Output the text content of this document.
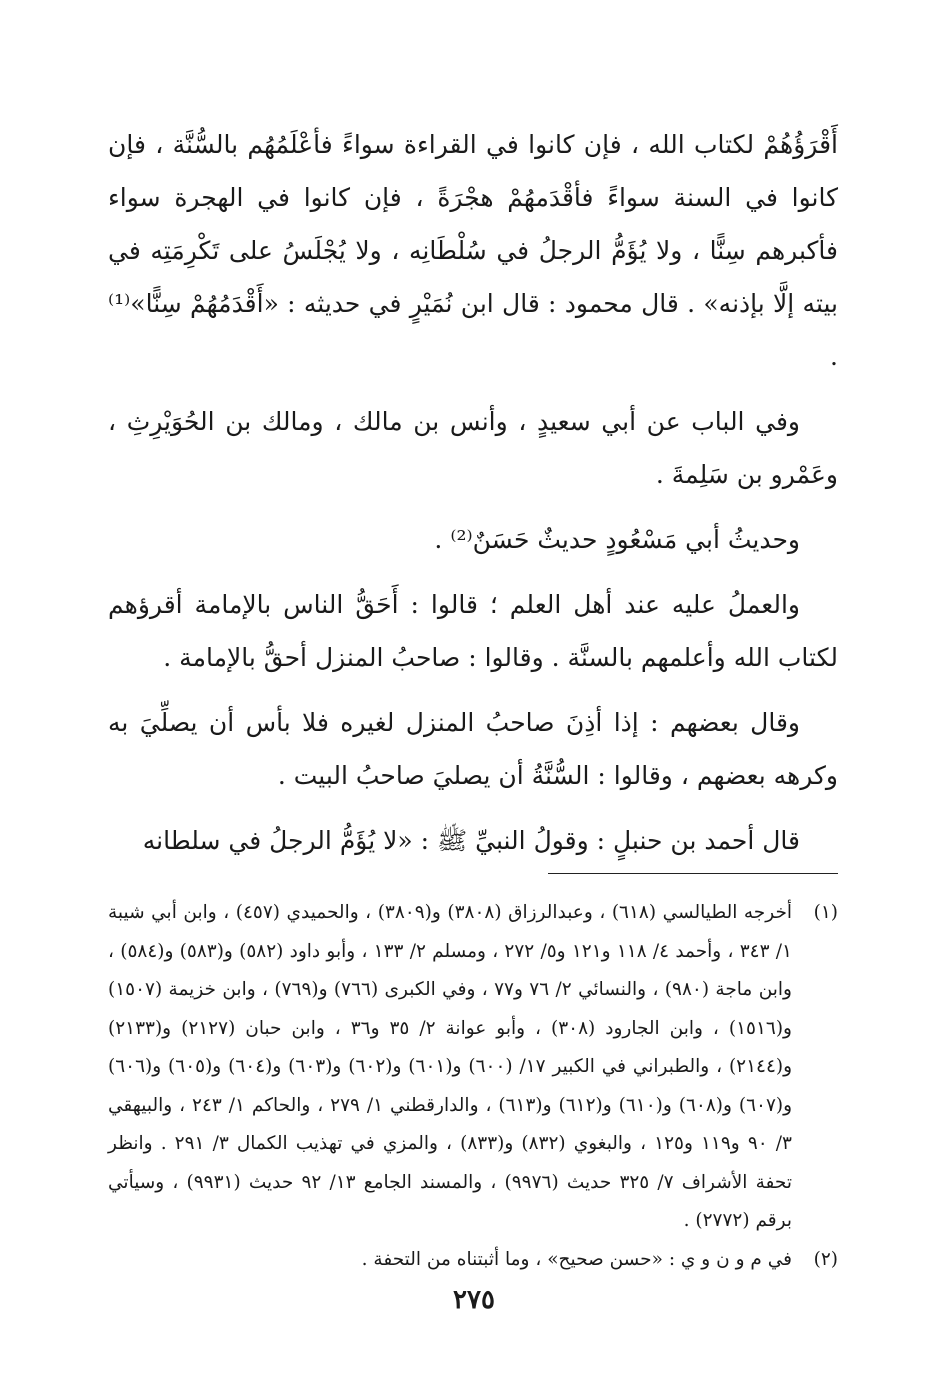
أَقْرَؤُهُمْ لكتاب الله ، فإن كانوا في القراءة سواءً فأعْلَمُهُم بالسُّنَّة ، فإن كانوا في السنة سواءً فأقْدَمهُمْ هجْرَةً ، فإن كانوا في الهجرة سواء فأكبرهم سِنًّا ، ولا يُؤَمُّ الرجلُ في سُلْطَانِه ، ولا يُجْلَسُ على تَكْرِمَتِه في بيته إلَّا بإذنه» . قال محمود : قال ابن نُمَيْرٍ في حديثه : «أَقْدَمُهُمْ سِنًّا»⁽¹⁾ .

وفي الباب عن أبي سعيدٍ ، وأنس بن مالك ، ومالك بن الحُوَيْرِثِ ، وعَمْرو بن سَلِمةَ .

وحديثُ أبي مَسْعُودٍ حديثٌ حَسَنٌ⁽²⁾ .

والعملُ عليه عند أهل العلم ؛ قالوا : أَحَقُّ الناس بالإمامة أقرؤهم لكتاب الله وأعلمهم بالسنَّة . وقالوا : صاحبُ المنزل أحقُّ بالإمامة .

وقال بعضهم : إذا أذِنَ صاحبُ المنزل لغيره فلا بأس أن يصلِّيَ به وكرهه بعضهم ، وقالوا : السُّنَّةُ أن يصليَ صاحبُ البيت .

قال أحمد بن حنبلٍ : وقولُ النبيِّ ﷺ : «لا يُؤَمُّ الرجلُ في سلطانه

(١)
أخرجه الطيالسي (٦١٨) ، وعبدالرزاق (٣٨٠٨) و(٣٨٠٩) ، والحميدي (٤٥٧) ، وابن أبي شيبة ١/ ٣٤٣ ، وأحمد ٤/ ١١٨ و١٢١ و٥/ ٢٧٢ ، ومسلم ٢/ ١٣٣ ، وأبو داود (٥٨٢) و(٥٨٣) و(٥٨٤) ، وابن ماجة (٩٨٠) ، والنسائي ٢/ ٧٦ و٧٧ ، وفي الكبرى (٧٦٦) و(٧٦٩) ، وابن خزيمة (١٥٠٧) و(١٥١٦) ، وابن الجارود (٣٠٨) ، وأبو عوانة ٢/ ٣٥ و٣٦ ، وابن حبان (٢١٢٧) و(٢١٣٣) و(٢١٤٤) ، والطبراني في الكبير ١٧/ (٦٠٠) و(٦٠١) و(٦٠٢) و(٦٠٣) و(٦٠٤) و(٦٠٥) و(٦٠٦) و(٦٠٧) و(٦٠٨) و(٦١٠) و(٦١٢) و(٦١٣) ، والدارقطني ١/ ٢٧٩ ، والحاكم ١/ ٢٤٣ ، والبيهقي ٣/ ٩٠ و١١٩ و١٢٥ ، والبغوي (٨٣٢) و(٨٣٣) ، والمزي في تهذيب الكمال ٣/ ٢٩١ . وانظر تحفة الأشراف ٧/ ٣٢٥ حديث (٩٩٧٦) ، والمسند الجامع ١٣/ ٩٢ حديث (٩٩٣١) ، وسيأتي برقم (٢٧٧٢) .
(٢)
في م و ن و ي : «حسن صحيح» ، وما أثبتناه من التحفة .
٢٧٥
